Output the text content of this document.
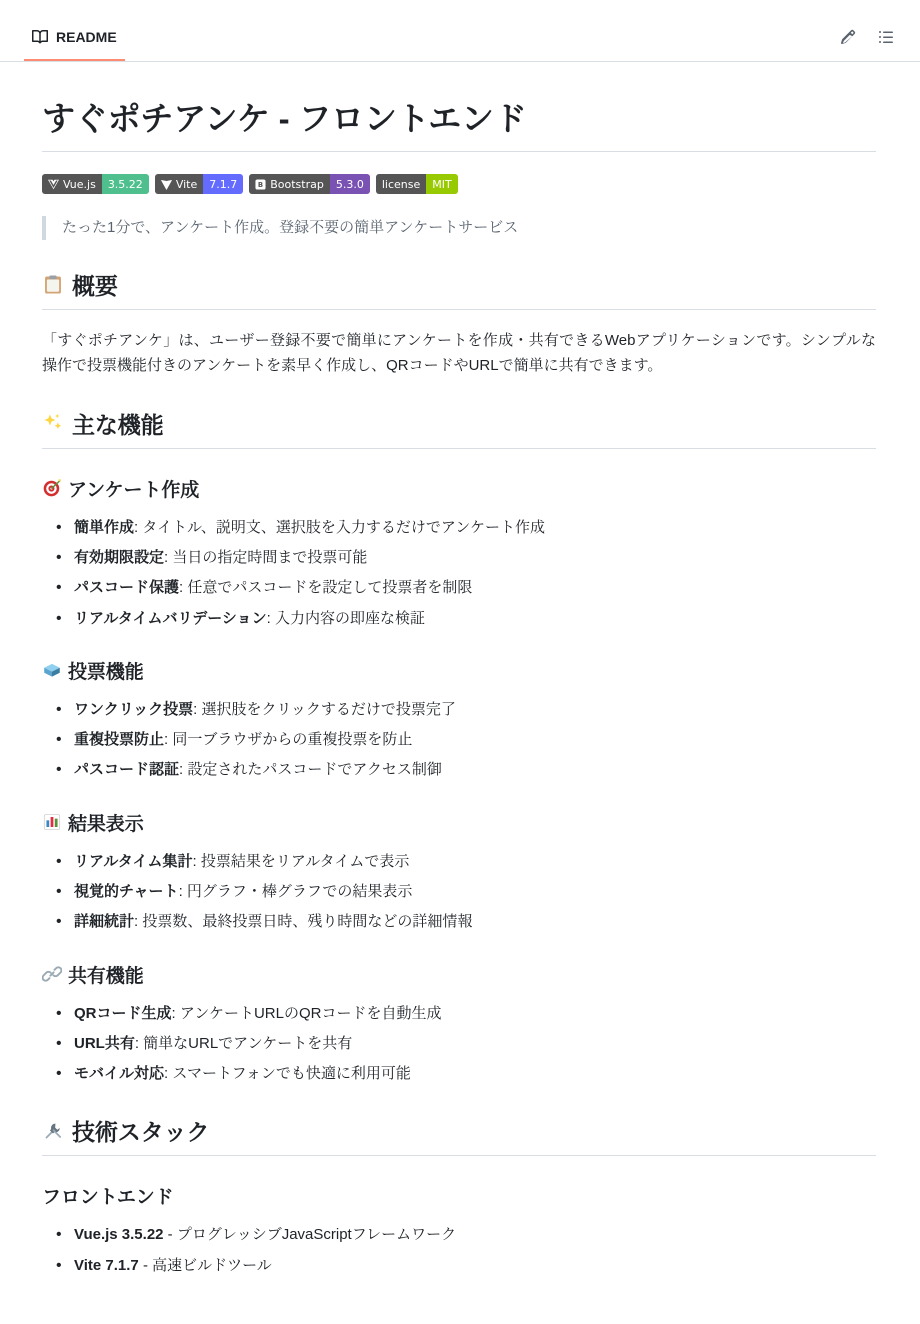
README
すぐポチアンケ - フロントエンド
Vue.js	3.5.22	Vite	7.1.7	B Bootstrap	5.3.0	license	MIT
たった1分で、アンケート作成。登録不要の簡単アンケートサービス
概要

「すぐポチアンケ」は、ユーザー登録不要で簡単にアンケートを作成・共有できるWebアプリケーションです。シンプルな操作で投票機能付きのアンケートを素早く作成し、QRコードやURLで簡単に共有できます。

主な機能
アンケート作成
• 簡単作成: タイトル、説明文、選択肢を入力するだけでアンケート作成
• 有効期限設定: 当日の指定時間まで投票可能
• パスコード保護: 任意でパスコードを設定して投票者を制限
• リアルタイムバリデーション: 入力内容の即座な検証
投票機能
• ワンクリック投票: 選択肢をクリックするだけで投票完了
• 重複投票防止: 同一ブラウザからの重複投票を防止
• パスコード認証: 設定されたパスコードでアクセス制御
結果表示
• リアルタイム集計: 投票結果をリアルタイムで表示
• 視覚的チャート: 円グラフ・棒グラフでの結果表示
• 詳細統計: 投票数、最終投票日時、残り時間などの詳細情報
共有機能
• QRコード生成: アンケートURLのQRコードを自動生成
• URL共有: 簡単なURLでアンケートを共有
• モバイル対応: スマートフォンでも快適に利用可能
技術スタック
フロントエンド
• Vue.js 3.5.22 - プログレッシブJavaScriptフレームワーク
• Vite 7.1.7 - 高速ビルドツール
